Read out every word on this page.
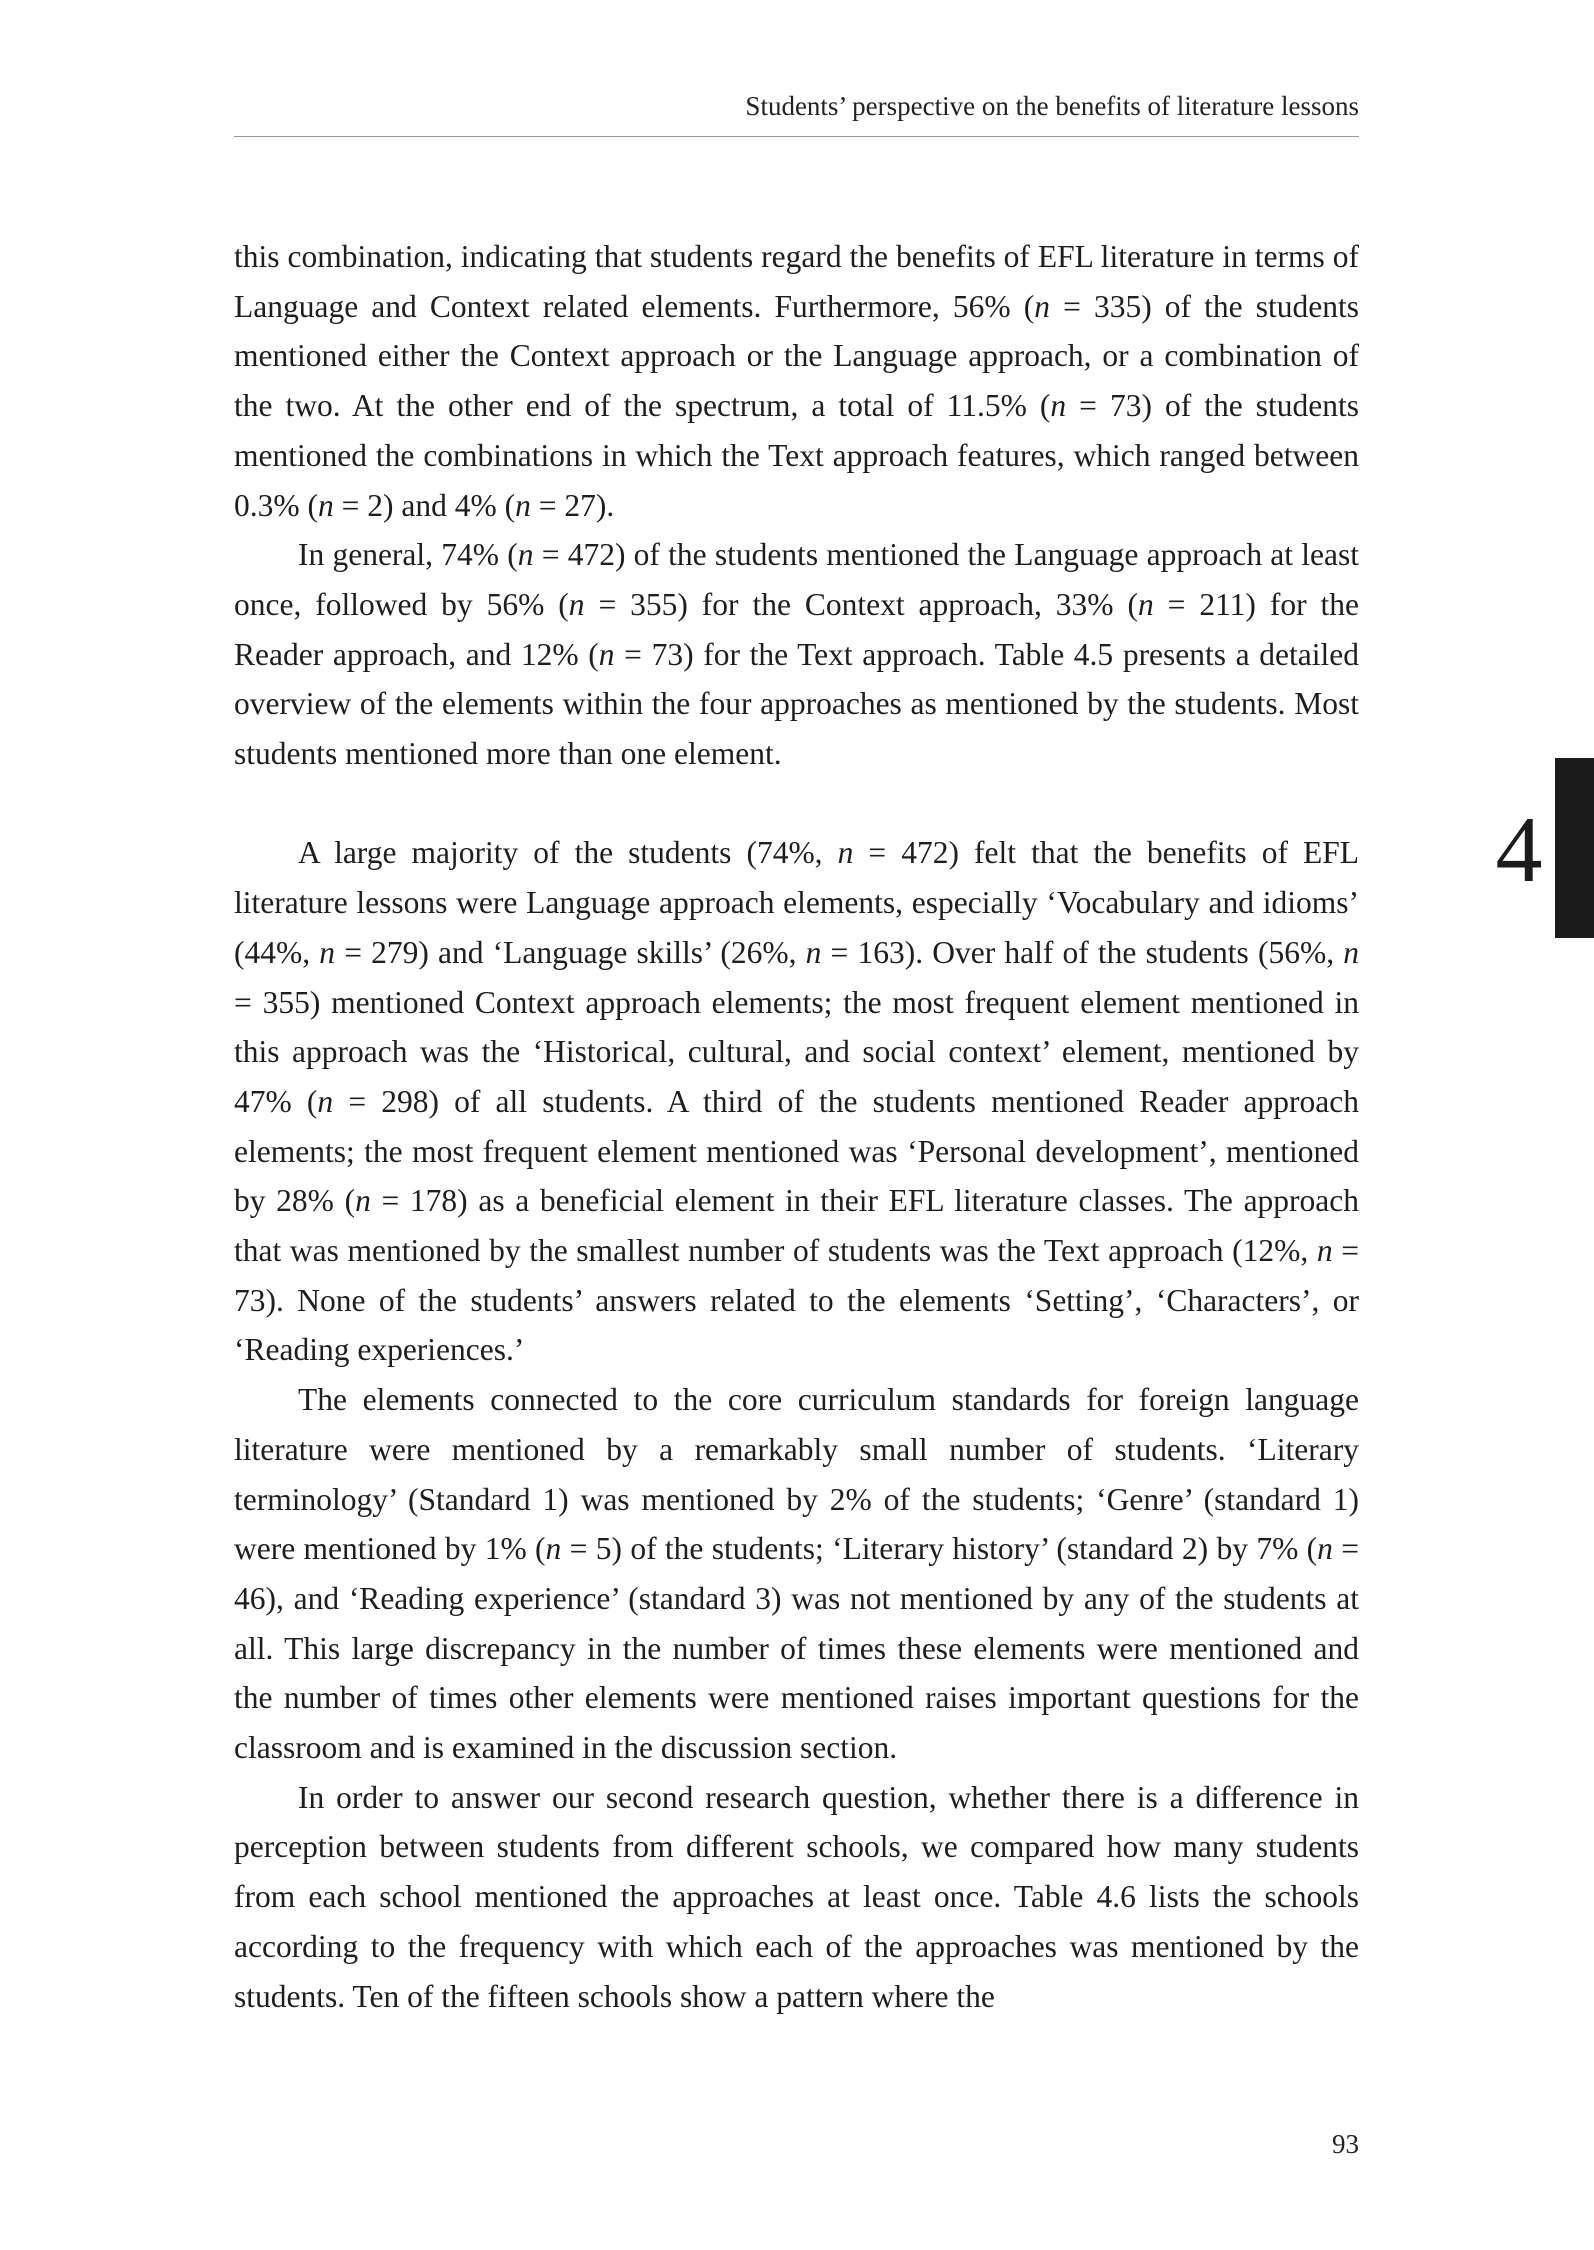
Students’ perspective on the benefits of literature lessons
4

this combination, indicating that students regard the benefits of EFL literature in terms of Language and Context related elements. Furthermore, 56% (n = 335) of the students mentioned either the Context approach or the Language approach, or a combination of the two. At the other end of the spectrum, a total of 11.5% (n = 73) of the students mentioned the combinations in which the Text approach features, which ranged between 0.3% (n = 2) and 4% (n = 27).

In general, 74% (n = 472) of the students mentioned the Language approach at least once, followed by 56% (n = 355) for the Context approach, 33% (n = 211) for the Reader approach, and 12% (n = 73) for the Text approach. Table 4.5 presents a detailed overview of the elements within the four approaches as mentioned by the students. Most students mentioned more than one element.

A large majority of the students (74%, n = 472) felt that the benefits of EFL literature lessons were Language approach elements, especially ‘Vocabulary and idioms’ (44%, n = 279) and ‘Language skills’ (26%, n = 163). Over half of the students (56%, n = 355) mentioned Context approach elements; the most frequent element mentioned in this approach was the ‘Historical, cultural, and social context’ element, mentioned by 47% (n = 298) of all students. A third of the students mentioned Reader approach elements; the most frequent element mentioned was ‘Personal development’, mentioned by 28% (n = 178) as a beneficial element in their EFL literature classes. The approach that was mentioned by the smallest number of students was the Text approach (12%, n = 73). None of the students’ answers related to the elements ‘Setting’, ‘Characters’, or ‘Reading experiences.’

The elements connected to the core curriculum standards for foreign language literature were mentioned by a remarkably small number of students. ‘Literary terminology’ (Standard 1) was mentioned by 2% of the students; ‘Genre’ (standard 1) were mentioned by 1% (n = 5) of the students; ‘Literary history’ (standard 2) by 7% (n = 46), and ‘Reading experience’ (standard 3) was not mentioned by any of the students at all. This large discrepancy in the number of times these elements were mentioned and the number of times other elements were mentioned raises important questions for the classroom and is examined in the discussion section.

In order to answer our second research question, whether there is a difference in perception between students from different schools, we compared how many students from each school mentioned the approaches at least once. Table 4.6 lists the schools according to the frequency with which each of the approaches was mentioned by the students. Ten of the fifteen schools show a pattern where the

93
